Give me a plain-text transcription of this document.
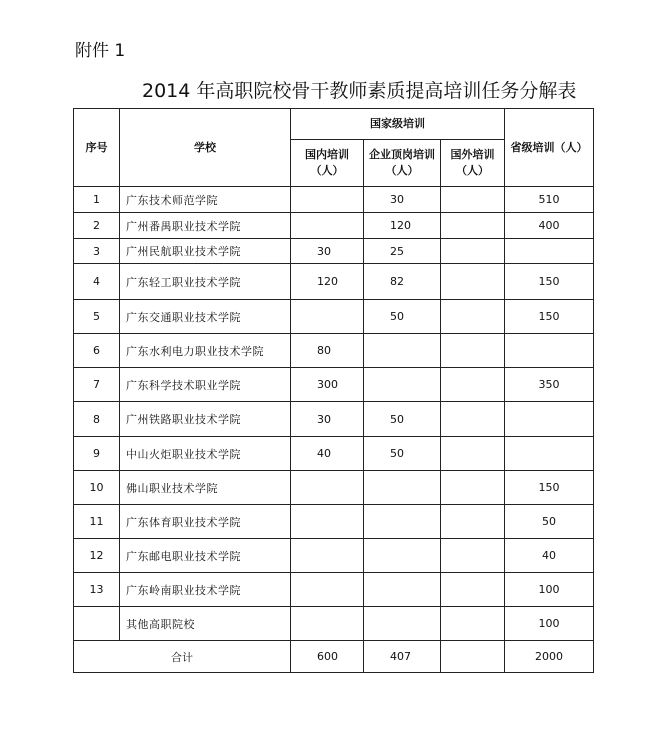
附件 1
2014 年高职院校骨干教师素质提高培训任务分解表
序号	学校	国家级培训			省级培训（人）
		国内培训（人）	企业顶岗培训（人）	国外培训（人）	
1	广东技术师范学院		30		510
2	广州番禺职业技术学院		120		400
3	广州民航职业技术学院	30	25		
4	广东轻工职业技术学院	120	82		150
5	广东交通职业技术学院		50		150
6	广东水利电力职业技术学院	80			
7	广东科学技术职业学院	300			350
8	广州铁路职业技术学院	30	50		
9	中山火炬职业技术学院	40	50		
10	佛山职业技术学院				150
11	广东体育职业技术学院				50
12	广东邮电职业技术学院				40
13	广东岭南职业技术学院				100
	其他高职院校				100
合计		600	407		2000
